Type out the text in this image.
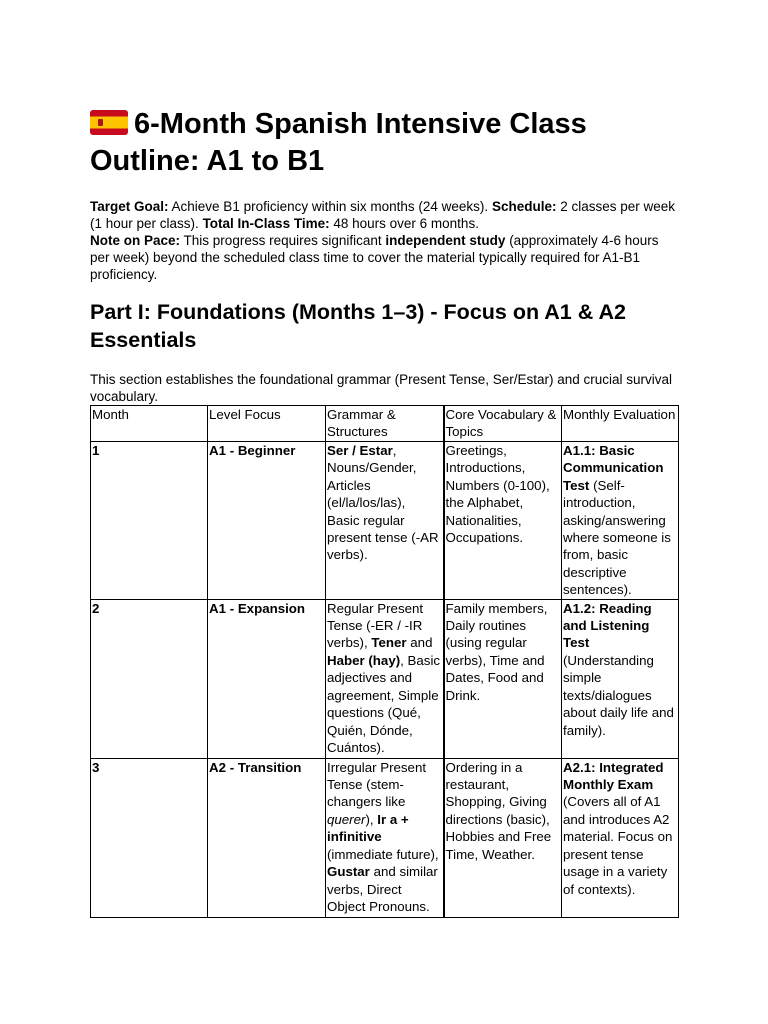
6-Month Spanish Intensive Class Outline: A1 to B1
Target Goal: Achieve B1 proficiency within six months (24 weeks). Schedule: 2 classes per week (1 hour per class). Total In-Class Time: 48 hours over 6 months.
Note on Pace: This progress requires significant independent study (approximately 4-6 hours per week) beyond the scheduled class time to cover the material typically required for A1-B1 proficiency.
Part I: Foundations (Months 1–3) - Focus on A1 & A2 Essentials
This section establishes the foundational grammar (Present Tense, Ser/Estar) and crucial survival vocabulary.
Month	Level Focus	Grammar & Structures	Core Vocabulary & Topics	Monthly Evaluation
1	A1 - Beginner	Ser / Estar, Nouns/Gender, Articles (el/la/los/las), Basic regular present tense (-AR verbs).	Greetings, Introductions, Numbers (0-100), the Alphabet, Nationalities, Occupations.	A1.1: Basic Communication Test (Self-introduction, asking/answering where someone is from, basic descriptive sentences).
2	A1 - Expansion	Regular Present Tense (-ER / -IR verbs), Tener and Haber (hay), Basic adjectives and agreement, Simple questions (Qué, Quién, Dónde, Cuántos).	Family members, Daily routines (using regular verbs), Time and Dates, Food and Drink.	A1.2: Reading and Listening Test (Understanding simple texts/dialogues about daily life and family).
3	A2 - Transition	Irregular Present Tense (stem-changers like querer), Ir a + infinitive (immediate future), Gustar and similar verbs, Direct Object Pronouns.	Ordering in a restaurant, Shopping, Giving directions (basic), Hobbies and Free Time, Weather.	A2.1: Integrated Monthly Exam (Covers all of A1 and introduces A2 material. Focus on present tense usage in a variety of contexts).
